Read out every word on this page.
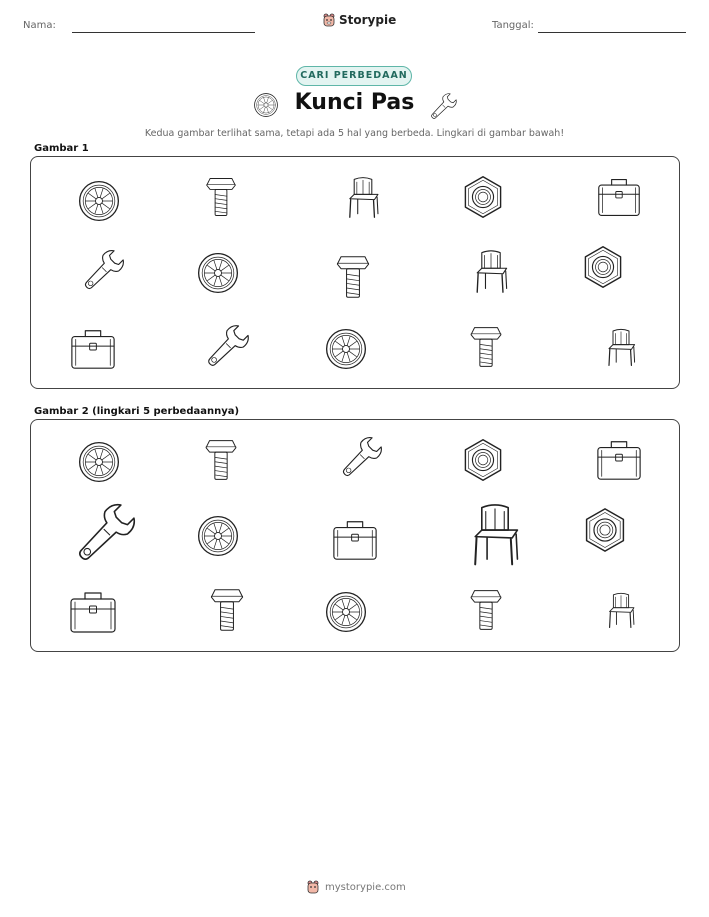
Nama:	Storypie	Tanggal:
CARI PERBEDAAN
Kunci Pas
Kedua gambar terlihat sama, tetapi ada 5 hal yang berbeda. Lingkari di gambar bawah!
Gambar 1
Gambar 2 (lingkari 5 perbedaannya)
mystorypie.com
